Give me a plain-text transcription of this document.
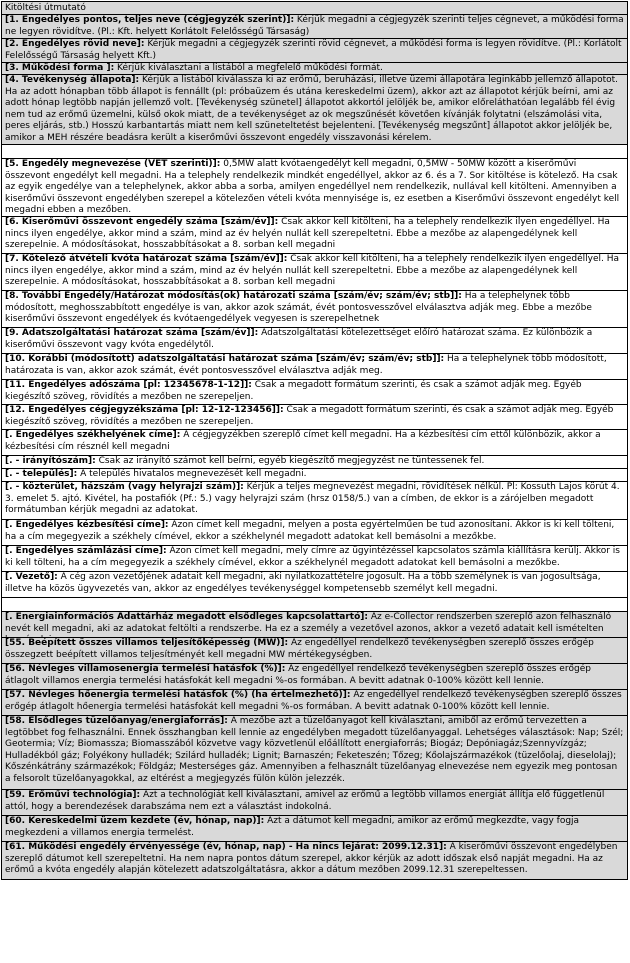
Kitöltési útmutató
[1. Engedélyes pontos, teljes neve (cégjegyzék szerint)]: Kérjük megadni a cégjegyzék szerinti teljes cégnevet, a működési forma ne legyen rövidítve. (Pl.: Kft. helyett Korlátolt Felelősségű Társaság)
[2. Engedélyes rövid neve]: Kérjük megadni a cégjegyzék szerinti rövid cégnevet, a működési forma is legyen rövidítve. (Pl.: Korlátolt Felelősségű Társaság helyett Kft.)
[3. Működési forma ]: Kérjük kiválasztani a listából a megfelelő működési formát.
[4. Tevékenység állapota]: Kérjük a listából kiválassza ki az erőmű, beruházási, illetve üzemi állapotára leginkább jellemző állapotot. Ha az adott hónapban több állapot is fennállt (pl: próbaüzem és utána kereskedelmi üzem), akkor azt az állapotot kérjük beírni, ami az adott hónap legtöbb napján jellemző volt. [Tevékenység szünetel] állapotot akkortól jelöljék be, amikor előreláthatóan legalább fél évig nem tud az erőmű üzemelni, külső okok miatt, de a tevékenységet az ok megszűnését követően kívánják folytatni (elszámolási vita, peres eljárás, stb.) Hosszú karbantartás miatt nem kell szüneteltetést bejelenteni. [Tevékenység megszűnt] állapotot akkor jelöljék be, amikor a MEH részére beadásra került a kiserőművi összevont engedély visszavonási kérelem.
[5. Engedély megnevezése (VET szerinti)]: 0,5MW alatt kvótaengedélyt kell megadni, 0,5MW - 50MW között a kiserőművi összevont engedélyt kell megadni. Ha a telephely rendelkezik mindkét engedéllyel, akkor az 6. és a 7. Sor kitöltése is kötelező. Ha csak az egyik engedélye van a telephelynek, akkor abba a sorba, amilyen engedéllyel nem rendelkezik, nullával kell kitölteni. Amennyiben a kiserőművi összevont engedélyben szerepel a kötelezően vételi kvóta mennyisége is, ez esetben a Kiserőművi összevont engedélyt kell megadni ebben a mezőben.
[6. Kiserőművi összevont engedély száma [szám/év]]: Csak akkor kell kitölteni, ha a telephely rendelkezik ilyen engedéllyel. Ha nincs ilyen engedélye, akkor mind a szám, mind az év helyén nullát kell szerepeltetni. Ebbe a mezőbe az alapengedélynek kell szerepelnie. A módosításokat, hosszabbításokat a 8. sorban kell megadni
[7. Kötelező átvételi kvóta határozat száma [szám/év]]: Csak akkor kell kitölteni, ha a telephely rendelkezik ilyen engedéllyel. Ha nincs ilyen engedélye, akkor mind a szám, mind az év helyén nullát kell szerepeltetni. Ebbe a mezőbe az alapengedélynek kell szerepelnie. A módosításokat, hosszabbításokat a 8. sorban kell megadni
[8. További Engedély/Határozat módosítás(ok) határozati száma [szám/év; szám/év; stb]]: Ha a telephelynek több módosított, meghosszabbított engedélye is van, akkor azok számát, évét pontosvesszővel elválasztva adják meg. Ebbe a mezőbe kiserőművi összevont engedélyek és kvótaengedélyek vegyesen is szerepelhetnek
[9. Adatszolgáltatási határozat száma [szám/év]]: Adatszolgáltatási kötelezettséget előíró határozat száma. Ez különbözik a kiserőművi összevont vagy kvóta engedélytől.
[10. Korábbi (módosított) adatszolgáltatási határozat száma [szám/év; szám/év; stb]]: Ha a telephelynek több módosított, határozata is van, akkor azok számát, évét pontosvesszővel elválasztva adják meg.
[11. Engedélyes adószáma [pl: 12345678-1-12]]: Csak a megadott formátum szerinti, és csak a számot adják meg. Egyéb kiegészítő szöveg, rövidítés a mezőben ne szerepeljen.
[12. Engedélyes cégjegyzékszáma [pl: 12-12-123456]]: Csak a megadott formátum szerinti, és csak a számot adják meg. Egyéb kiegészítő szöveg, rövidítés a mezőben ne szerepeljen.
[. Engedélyes székhelyének címe]: A cégjegyzékben szereplő címet kell megadni. Ha a kézbesítési cím ettől különbözik, akkor a kézbesítési cím résznél kell megadni
[. - irányítószám]: Csak az irányító számot kell beírni, egyéb kiegészítő megjegyzést ne tüntessenek fel.
[. - település]: A település hivatalos megnevezését kell megadni.
[. - közterület, házszám (vagy helyrajzi szám)]: Kérjük a teljes megnevezést megadni, rövidítések nélkül. Pl: Kossuth Lajos körút 4. 3. emelet 5. ajtó. Kivétel, ha postafiók (Pf.: 5.) vagy helyrajzi szám (hrsz 0158/5.) van a címben, de ekkor is a zárójelben megadott formátumban kérjük megadni az adatokat.
[. Engedélyes kézbesítési címe]: Azon címet kell megadni, melyen a posta egyértelműen be tud azonosítani. Akkor is ki kell tölteni, ha a cím megegyezik a székhely címével, ekkor a székhelynél megadott adatokat kell bemásolni a mezőkbe.
[. Engedélyes számlázási címe]: Azon címet kell megadni, mely címre az ügyintézéssel kapcsolatos számla kiállításra kerülj. Akkor is ki kell tölteni, ha a cím megegyezik a székhely címével, ekkor a székhelynél megadott adatokat kell bemásolni a mezőkbe.
[. Vezető]: A cég azon vezetőjének adatait kell megadni, aki nyilatkozattételre jogosult. Ha a több személynek is van jogosultsága, illetve ha közös ügyvezetés van, akkor az engedélyes tevékenységgel kompetensebb személyt kell megadni.
[. Energiainformációs Adattárház megadott elsődleges kapcsolattartó]: Az e-Collector rendszerben szereplő azon felhasználó nevét kell megadni, aki az adatokat feltölti a rendszerbe. Ha ez a személy a vezetővel azonos, akkor a vezető adatait kell ismételten
[55. Beépített összes villamos teljesítőképesség (MW)]: Az engedéllyel rendelkező tevékenységben szereplő összes erőgép összegzett beépített villamos teljesítményét kell megadni MW mértékegységben.
[56. Névleges villamosenergia termelési hatásfok (%)]: Az engedéllyel rendelkező tevékenységben szereplő összes erőgép átlagolt villamos energia termelési hatásfokát kell megadni %-os formában. A bevitt adatnak 0-100% között kell lennie.
[57. Névleges hőenergia termelési hatásfok (%) (ha értelmezhető)]: Az engedéllyel rendelkező tevékenységben szereplő összes erőgép átlagolt hőenergia termelési hatásfokát kell megadni %-os formában. A bevitt adatnak 0-100% között kell lennie.
[58. Elsődleges tüzelőanyag/energiaforrás]: A mezőbe azt a tüzelőanyagot kell kiválasztani, amiből az erőmű tervezetten a legtöbbet fog felhasználni. Ennek összhangban kell lennie az engedélyben megadott tüzelőanyaggal. Lehetséges választások: Nap; Szél; Geotermia; Víz; Biomassza; Biomasszából közvetve vagy közvetlenül előállított energiaforrás; Biogáz; Depóniagáz;Szennyvízgáz; Hulladékból gáz; Folyékony hulladék; Szilárd hulladék; Lignit; Barnaszén; Feketeszén; Tőzeg; Kőolajszármazékok (tüzelőolaj, dieselolaj); Kőszénkátrány származékok; Földgáz; Mesterséges gáz. Amennyiben a felhasznált tüzelőanyag elnevezése nem egyezik meg pontosan a felsorolt tüzelőanyagokkal, az eltérést a megjegyzés fülön külön jelezzék.
[59. Erőművi technológia]: Azt a technológiát kell kiválasztani, amivel az erőmű a legtöbb villamos energiát állítja elő függetlenül attól, hogy a berendezések darabszáma nem ezt a választást indokolná.
[60. Kereskedelmi üzem kezdete (év, hónap, nap)]: Azt a dátumot kell megadni, amikor az erőmű megkezdte, vagy fogja megkezdeni a villamos energia termelést.
[61. Működési engedély érvényessége (év, hónap, nap) - Ha nincs lejárat: 2099.12.31]: A kiserőművi összevont engedélyben szereplő dátumot kell szerepeltetni. Ha nem napra pontos dátum szerepel, akkor kérjük az adott időszak első napját megadni. Ha az erőmű a kvóta engedély alapján kötelezett adatszolgáltatásra, akkor a dátum mezőben 2099.12.31 szerepeltessen.
